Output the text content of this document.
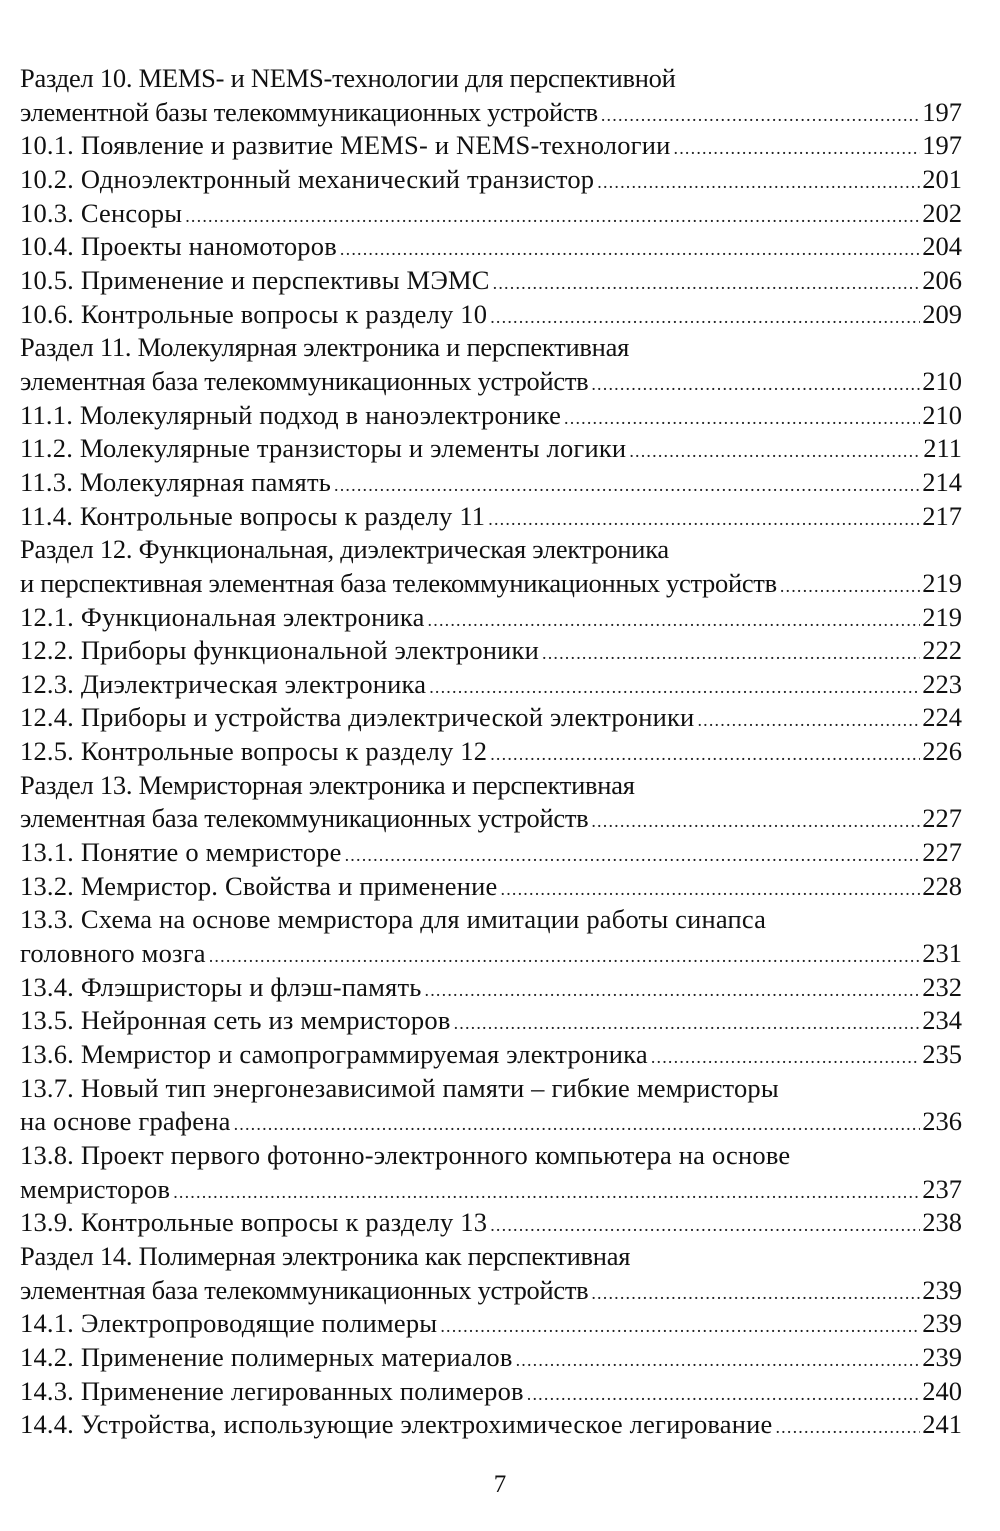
Раздел 10. MEMS- и NEMS-технологии для перспективной
элементной базы телекоммуникационных устройств .....	197
10.1. Появление и развитие MEMS- и NEMS-технологии .....	197
10.2. Одноэлектронный механический транзистор .....	201
10.3. Сенсоры .....	202
10.4. Проекты наномоторов .....	204
10.5. Применение и перспективы МЭМС .....	206
10.6. Контрольные вопросы к разделу 10 .....	209
Раздел 11. Молекулярная электроника и перспективная
элементная база телекоммуникационных устройств .....	210
11.1. Молекулярный подход в наноэлектронике .....	210
11.2. Молекулярные транзисторы и элементы логики .....	211
11.3. Молекулярная память .....	214
11.4. Контрольные вопросы к разделу 11 .....	217
Раздел 12. Функциональная, диэлектрическая электроника
и перспективная элементная база телекоммуникационных устройств .....	219
12.1. Функциональная электроника .....	219
12.2. Приборы функциональной электроники .....	222
12.3. Диэлектрическая электроника .....	223
12.4. Приборы и устройства диэлектрической электроники .....	224
12.5. Контрольные вопросы к разделу 12 .....	226
Раздел 13. Мемристорная электроника и перспективная
элементная база телекоммуникационных устройств .....	227
13.1. Понятие о мемристоре .....	227
13.2. Мемристор. Свойства и применение .....	228
13.3. Схема на основе мемристора для имитации работы синапса
головного мозга .....	231
13.4. Флэшристоры и флэш-память .....	232
13.5. Нейронная сеть из мемристоров .....	234
13.6. Мемристор и самопрограммируемая электроника .....	235
13.7. Новый тип энергонезависимой памяти – гибкие мемристоры
на основе графена .....	236
13.8. Проект первого фотонно-электронного компьютера на основе
мемристоров .....	237
13.9. Контрольные вопросы к разделу 13 .....	238
Раздел 14. Полимерная электроника как перспективная
элементная база телекоммуникационных устройств .....	239
14.1. Электропроводящие полимеры .....	239
14.2. Применение полимерных материалов .....	239
14.3. Применение легированных полимеров .....	240
14.4. Устройства, использующие электрохимическое легирование .....	241
7
